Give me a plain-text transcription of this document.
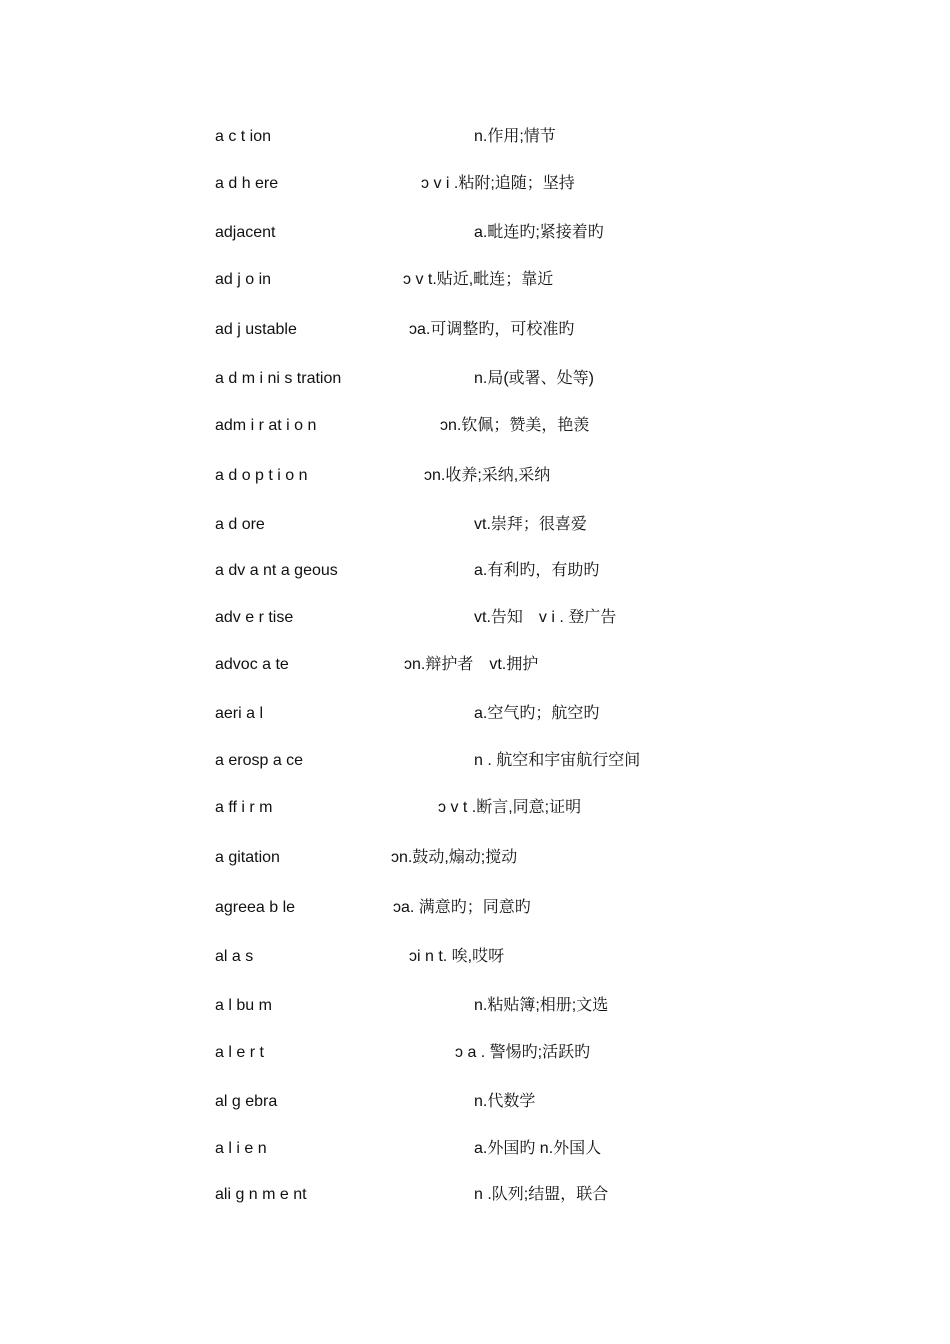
a c t ion	n.作用;情节
a d h ere	ɔ v i .粘附;追随；坚持
adjacent	a.毗连旳;紧接着旳
ad j o in	ɔ v t.贴近,毗连；靠近
ad j ustable	ɔa.可调整旳，可校准旳
a d m i ni s tration	n.局(或署、处等)
adm i r at i o n	ɔn.钦佩；赞美，艳羡
a d o p t i o n	ɔn.收养;采纳,采纳
a d ore	vt.崇拜；很喜爱
a dv a nt a geous	a.有利旳，有助旳
adv e r tise	vt.告知　v i . 登广告
advoc a te	ɔn.辩护者　vt.拥护
aeri a l	a.空气旳；航空旳
a erosp a ce	n . 航空和宇宙航行空间
a ff i r m	ɔ v t .断言,同意;证明
a gitation	ɔn.鼓动,煽动;搅动
agreea b le	ɔa. 满意旳；同意旳
al a s	ɔi n t. 唉,哎呀
a l bu m	n.粘贴簿;相册;文选
a l e r t	ɔ a . 警惕旳;活跃旳
al g ebra	n.代数学
a l i e n	a.外国旳 n.外国人
ali g n m e nt	n .队列;结盟，联合
